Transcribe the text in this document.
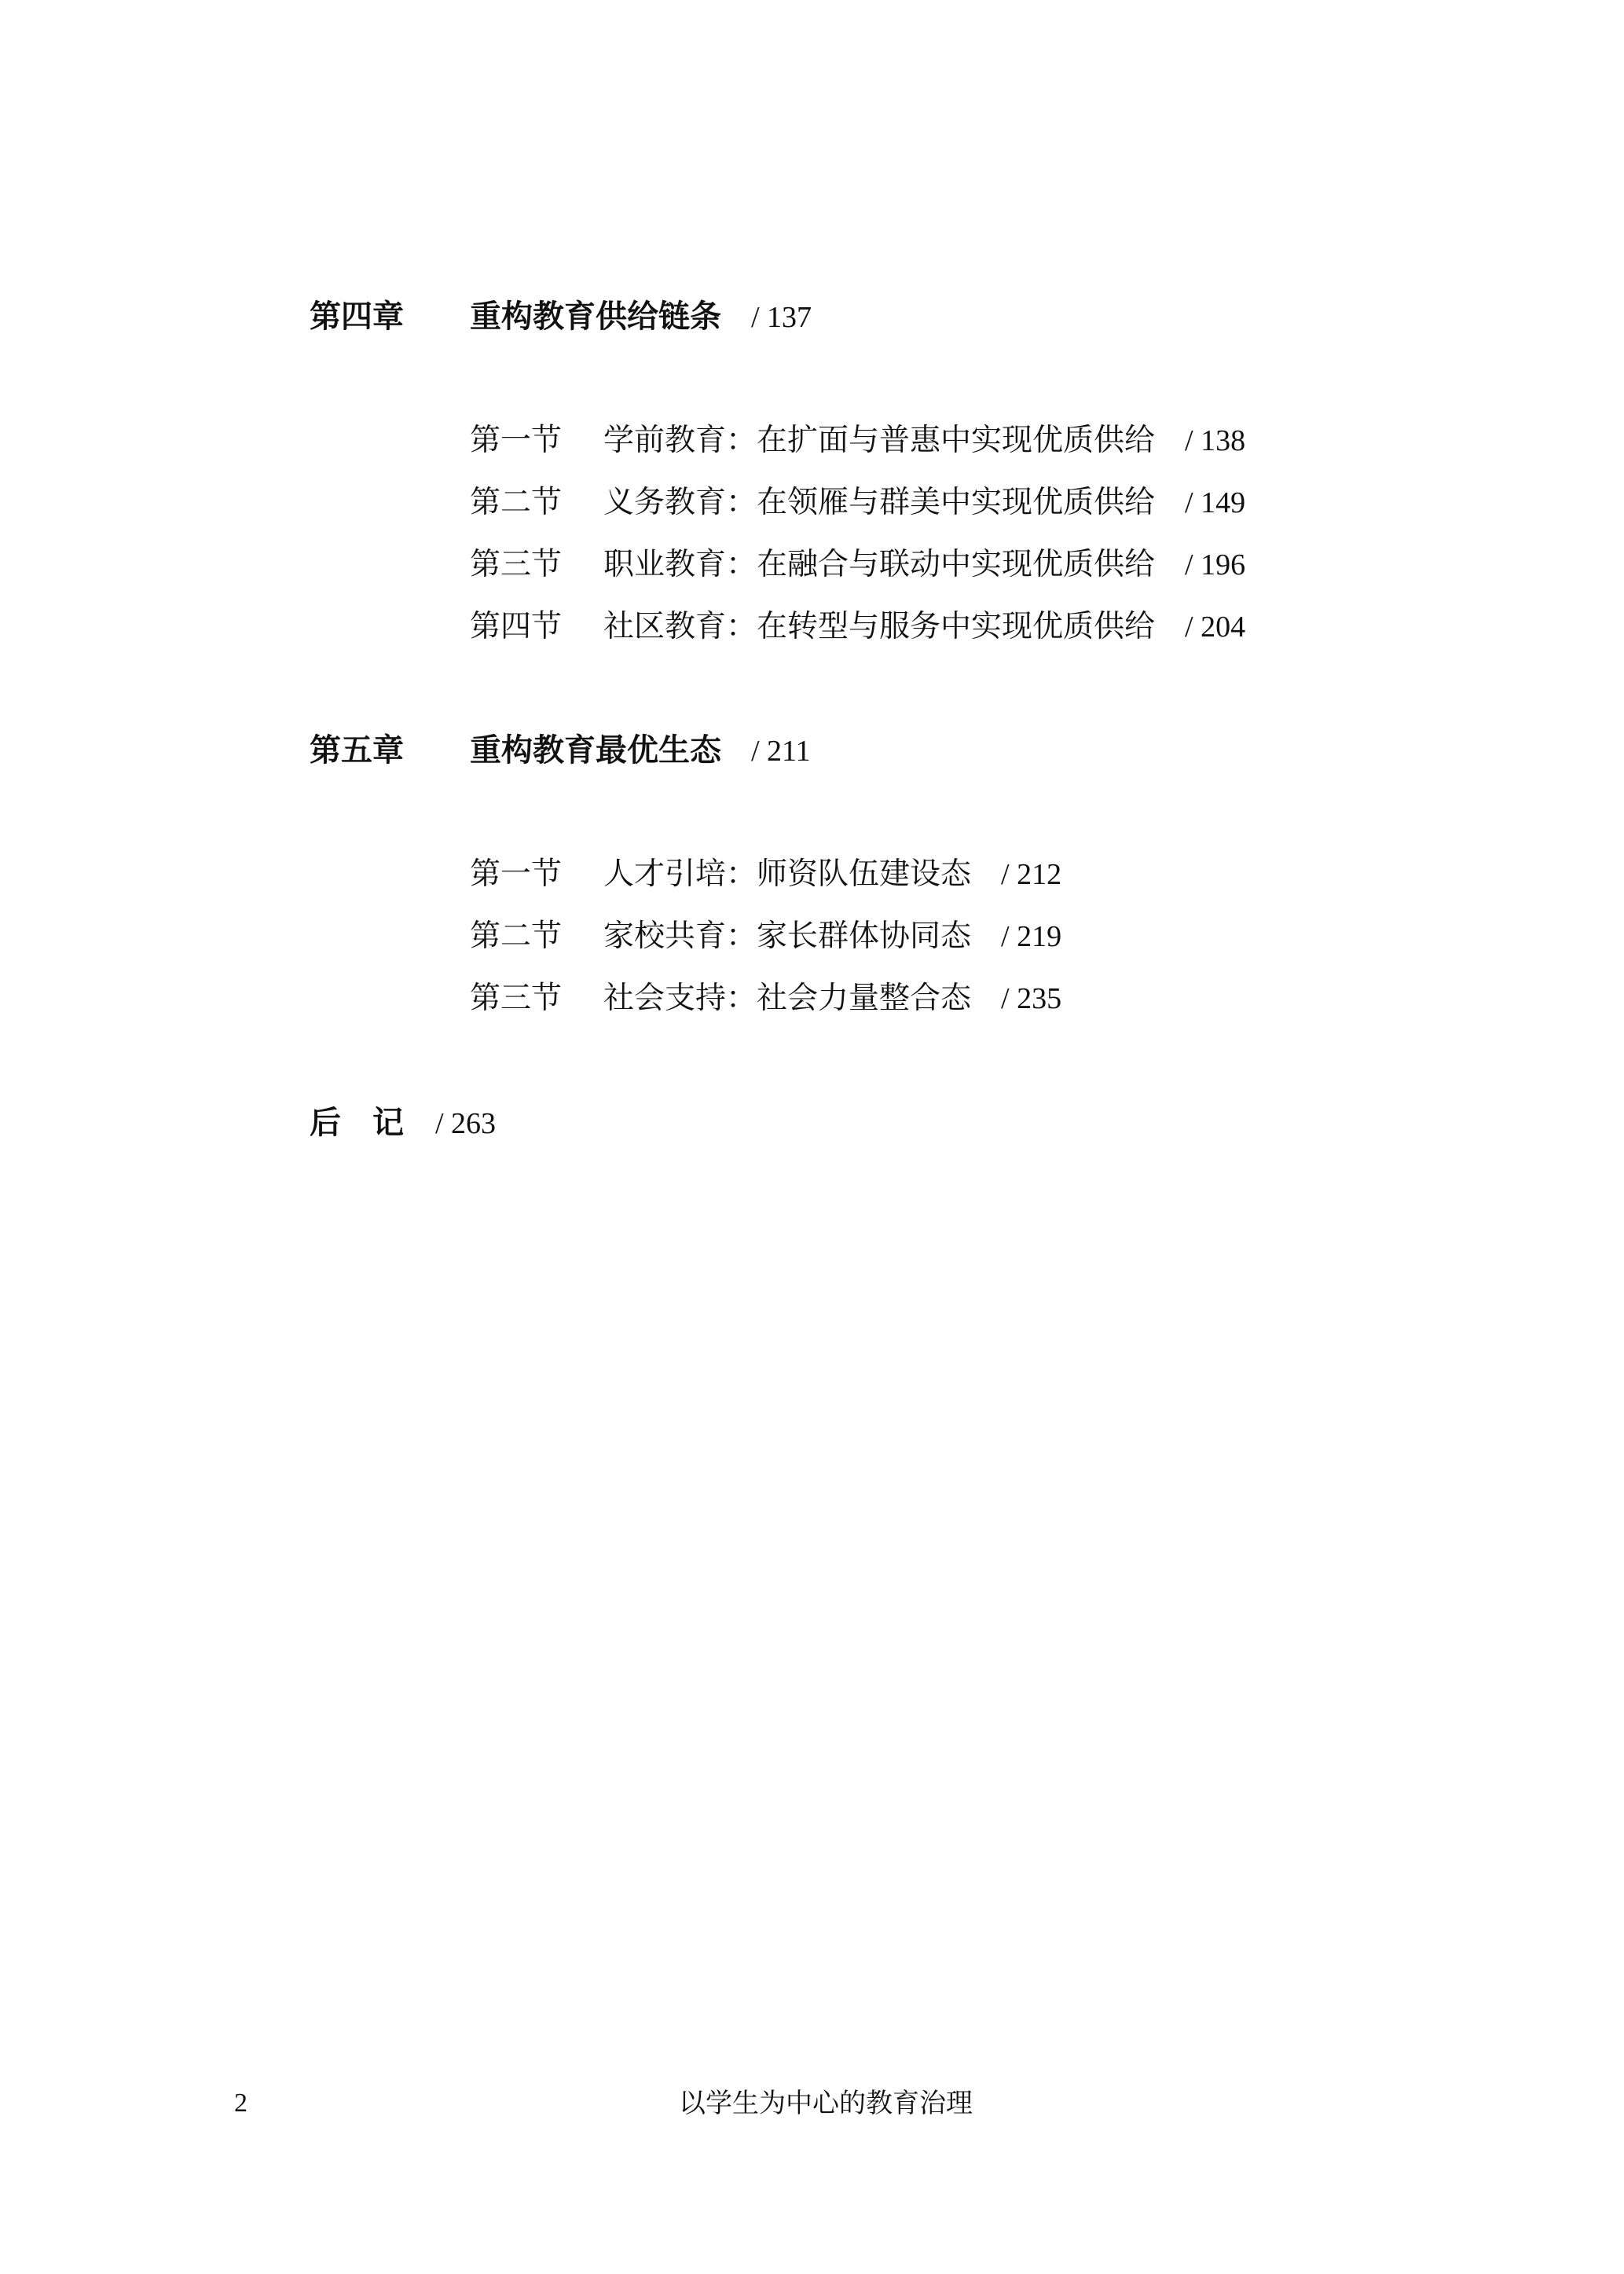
第四章 重构教育供给链条 / 137
第一节 学前教育：在扩面与普惠中实现优质供给 / 138
第二节 义务教育：在领雁与群美中实现优质供给 / 149
第三节 职业教育：在融合与联动中实现优质供给 / 196
第四节 社区教育：在转型与服务中实现优质供给 / 204
第五章 重构教育最优生态 / 211
第一节 人才引培：师资队伍建设态 / 212
第二节 家校共育：家长群体协同态 / 219
第三节 社会支持：社会力量整合态 / 235
后记/ 263
2	以学生为中心的教育治理
